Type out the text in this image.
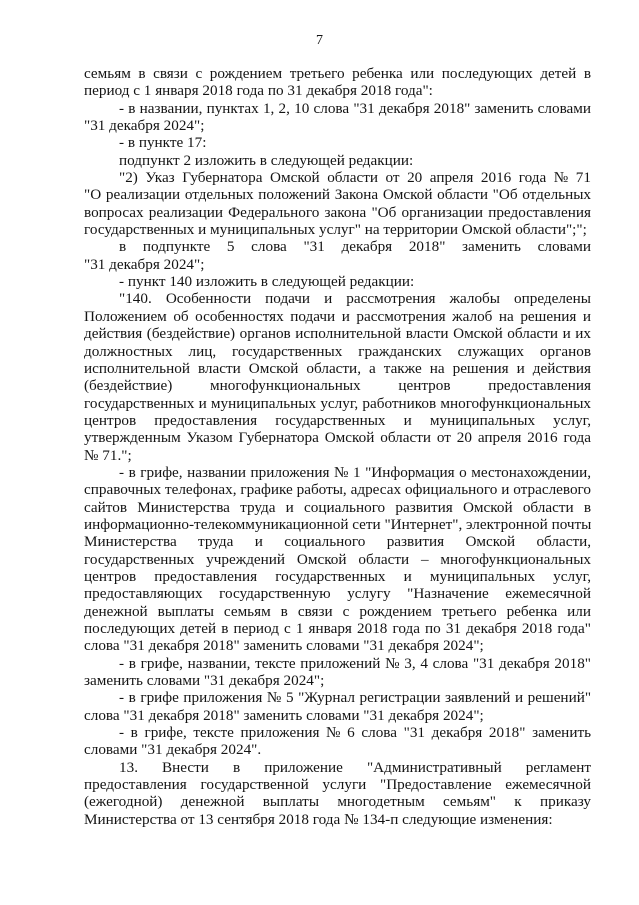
7
семьям в связи с рождением третьего ребенка или последующих детей в
период с 1 января 2018 года по 31 декабря 2018 года":
- в названии, пунктах 1, 2, 10 слова "31 декабря 2018" заменить словами
"31 декабря 2024";
- в пункте 17:
подпункт 2 изложить в следующей редакции:
"2) Указ Губернатора Омской области от 20 апреля 2016 года № 71
"О реализации отдельных положений Закона Омской области "Об отдельных
вопросах реализации Федерального закона "Об организации предоставления
государственных и муниципальных услуг" на территории Омской области";";
в подпункте 5 слова "31 декабря 2018" заменить словами
"31 декабря 2024";
- пункт 140 изложить в следующей редакции:
"140. Особенности подачи и рассмотрения жалобы определены
Положением об особенностях подачи и рассмотрения жалоб на решения и
действия (бездействие) органов исполнительной власти Омской области и их
должностных лиц, государственных гражданских служащих органов
исполнительной власти Омской области, а также на решения и действия
(бездействие) многофункциональных центров предоставления
государственных и муниципальных услуг, работников многофункциональных
центров предоставления государственных и муниципальных услуг,
утвержденным Указом Губернатора Омской области от 20 апреля 2016 года
№ 71.";
- в грифе, названии приложения № 1 "Информация о местонахождении,
справочных телефонах, графике работы, адресах официального и отраслевого
сайтов Министерства труда и социального развития Омской области в
информационно-телекоммуникационной сети "Интернет", электронной почты
Министерства труда и социального развития Омской области,
государственных учреждений Омской области – многофункциональных
центров предоставления государственных и муниципальных услуг,
предоставляющих государственную услугу "Назначение ежемесячной
денежной выплаты семьям в связи с рождением третьего ребенка или
последующих детей в период с 1 января 2018 года по 31 декабря 2018 года"
слова "31 декабря 2018" заменить словами "31 декабря 2024";
- в грифе, названии, тексте приложений № 3, 4 слова "31 декабря 2018"
заменить словами "31 декабря 2024";
- в грифе приложения № 5 "Журнал регистрации заявлений и решений"
слова "31 декабря 2018" заменить словами "31 декабря 2024";
- в грифе, тексте приложения № 6 слова "31 декабря 2018" заменить
словами "31 декабря 2024".
13. Внести в приложение "Административный регламент
предоставления государственной услуги "Предоставление ежемесячной
(ежегодной) денежной выплаты многодетным семьям" к приказу
Министерства от 13 сентября 2018 года № 134-п следующие изменения:
